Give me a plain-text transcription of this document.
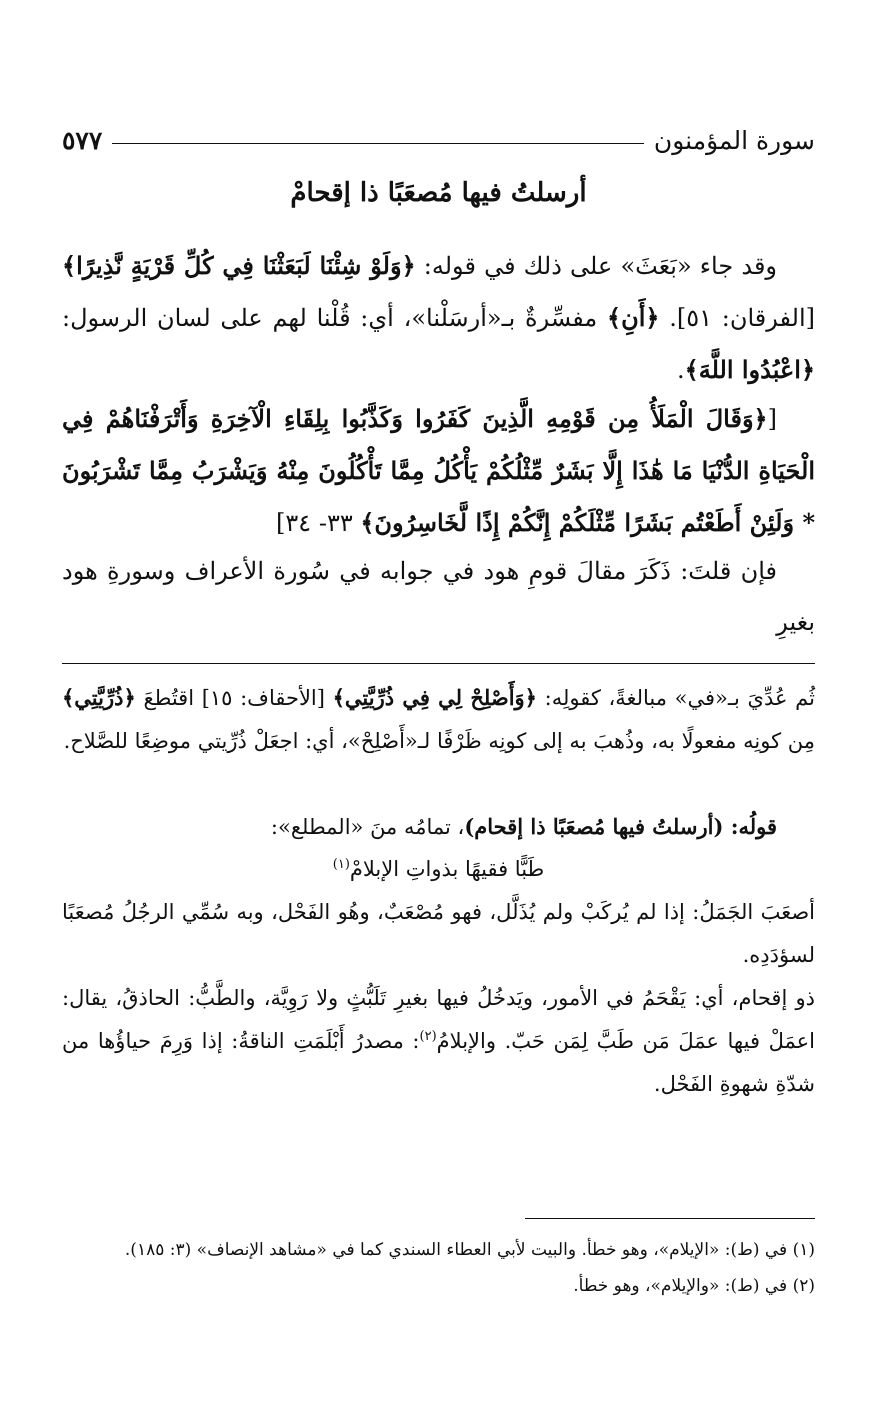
سورة المؤمنون
٥٧٧
أرسلتُ فيها مُصعَبًا ذا إقحامْ

وقد جاء «بَعَثَ» على ذلك في قوله: ﴿وَلَوْ شِئْنَا لَبَعَثْنَا فِي كُلِّ قَرْيَةٍ نَّذِيرًا﴾ [الفرقان: ٥١]. ﴿أَنِ﴾ مفسِّرةٌ بـ«أرسَلْنا»، أي: قُلْنا لهم على لسان الرسول: ﴿اعْبُدُوا اللَّهَ﴾.

[﴿وَقَالَ الْمَلَأُ مِن قَوْمِهِ الَّذِينَ كَفَرُوا وَكَذَّبُوا بِلِقَاءِ الْآخِرَةِ وَأَتْرَفْنَاهُمْ فِي الْحَيَاةِ الدُّنْيَا مَا هَٰذَا إِلَّا بَشَرٌ مِّثْلُكُمْ يَأْكُلُ مِمَّا تَأْكُلُونَ مِنْهُ وَيَشْرَبُ مِمَّا تَشْرَبُونَ * وَلَئِنْ أَطَعْتُم بَشَرًا مِّثْلَكُمْ إِنَّكُمْ إِذًا لَّخَاسِرُونَ﴾ ٣٣- ٣٤]

فإن قلتَ: ذَكَرَ مقالَ قومِ هود في جوابه في سُورة الأعراف وسورةِ هود بغيرِ

ثُم عُدِّيَ بـ«في» مبالغةً، كقولِه: ﴿وَأَصْلِحْ لِي فِي ذُرِّيَّتِي﴾ [الأحقاف: ١٥] اقتُطعَ ﴿ذُرِّيَّتِي﴾ مِن كونِه مفعولًا به، وذُهبَ به إلى كونِه ظَرْفًا لـ«أَصْلِحْ»، أي: اجعَلْ ذُرِّيتي موضِعًا للصَّلاح.

قولُه: (أرسلتُ فيها مُصعَبًا ذا إقحام)، تمامُه منَ «المطلع»:

طَبًّا فقيهًا بذواتِ الإبلامْ$^{(١)}$

أصعَبَ الجَمَلُ: إذا لم يُركَبْ ولم يُذَلَّل، فهو مُصْعَبٌ، وهُو الفَحْل، وبه سُمِّي الرجُلُ مُصعَبًا لسؤدَدِه.

ذو إقحام، أي: يَقْحَمُ في الأمور، ويَدخُلُ فيها بغيرِ تَلَبُّثٍ ولا رَوِيَّة، والطَّبُّ: الحاذقُ، يقال: اعمَلْ فيها عمَلَ مَن طَبَّ لِمَن حَبّ. والإبلامُ$^{(٢)}$: مصدرُ أَبْلَمَتِ الناقةُ: إذا وَرِمَ حياؤُها من شدّةِ شهوةِ الفَحْل.

(١) في (ط): «الإيلام»، وهو خطأ. والبيت لأبي العطاء السندي كما في «مشاهد الإنصاف» (٣: ١٨٥).

(٢) في (ط): «والإيلام»، وهو خطأ.
